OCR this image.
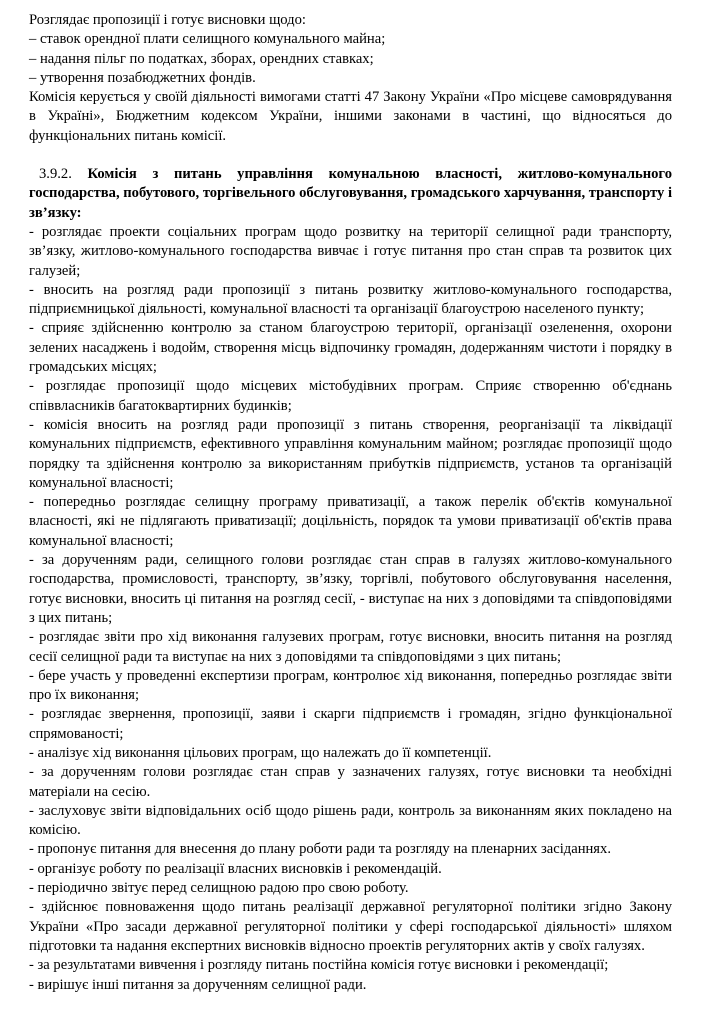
Розглядає пропозиції і готує висновки щодо:

– ставок орендної плати селищного комунального майна;

– надання пільг по податках, зборах, орендних ставках;

– утворення позабюджетних фондів.

Комісія керується у своїй діяльності вимогами статті 47 Закону України «Про місцеве самоврядування в Україні», Бюджетним кодексом України, іншими законами в частині, що відносяться до функціональних питань комісії.

3.9.2. Комісія з питань управління комунальною власності, житлово-комунального господарства, побутового, торгівельного обслуговування, громадського харчування, транспорту і зв’язку:

- розглядає проекти соціальних програм щодо розвитку на території селищної ради транспорту, зв’язку, житлово-комунального господарства вивчає і готує питання про стан справ та розвиток цих галузей;

- вносить на розгляд ради пропозиції з питань розвитку житлово-комунального господарства, підприємницької діяльності, комунальної власності та організації благоустрою населеного пункту;

- сприяє здійсненню контролю за станом благоустрою території, організації озеленення, охорони зелених насаджень і водойм, створення місць відпочинку громадян, додержанням чистоти і порядку в громадських місцях;

- розглядає пропозиції щодо місцевих містобудівних програм. Сприяє створенню об'єднань співвласників багатоквартирних будинків;

- комісія вносить на розгляд ради пропозиції з питань створення, реорганізації та ліквідації комунальних підприємств, ефективного управління комунальним майном; розглядає пропозиції щодо порядку та здійснення контролю за використанням прибутків підприємств, установ та організацій комунальної власності;

- попередньо розглядає селищну програму приватизації, а також перелік об'єктів комунальної власності, які не підлягають приватизації; доцільність, порядок та умови приватизації об'єктів права комунальної власності;

- за дорученням ради, селищного голови розглядає стан справ в галузях житлово-комунального господарства, промисловості, транспорту, зв’язку, торгівлі, побутового обслуговування населення, готує висновки, вносить ці питання на розгляд сесії, - виступає на них з доповідями та співдоповідями з цих питань;

- розглядає звіти про хід виконання галузевих програм, готує висновки, вносить питання на розгляд сесії селищної ради та виступає на них з доповідями та співдоповідями з цих питань;

- бере участь у проведенні експертизи програм, контролює хід виконання, попередньо розглядає звіти про їх виконання;

- розглядає звернення, пропозиції, заяви і скарги підприємств і громадян, згідно функціональної спрямованості;

- аналізує хід виконання цільових програм, що належать до її компетенції.

- за дорученням голови розглядає стан справ у зазначених галузях, готує висновки та необхідні матеріали на сесію.

- заслуховує звіти відповідальних осіб щодо рішень ради, контроль за виконанням яких покладено на комісію.

- пропонує питання для внесення до плану роботи ради та розгляду на пленарних засіданнях.

- організує роботу по реалізації власних висновків і рекомендацій.

- періодично звітує перед селищною радою про свою роботу.

- здійснює повноваження щодо питань реалізації державної регуляторної політики згідно Закону України «Про засади державної регуляторної політики у сфері господарської діяльності» шляхом підготовки та надання експертних висновків відносно проектів регуляторних актів у своїх галузях.

- за результатами вивчення і розгляду питань постійна комісія готує висновки і рекомендації;

- вирішує інші питання за дорученням селищної ради.
